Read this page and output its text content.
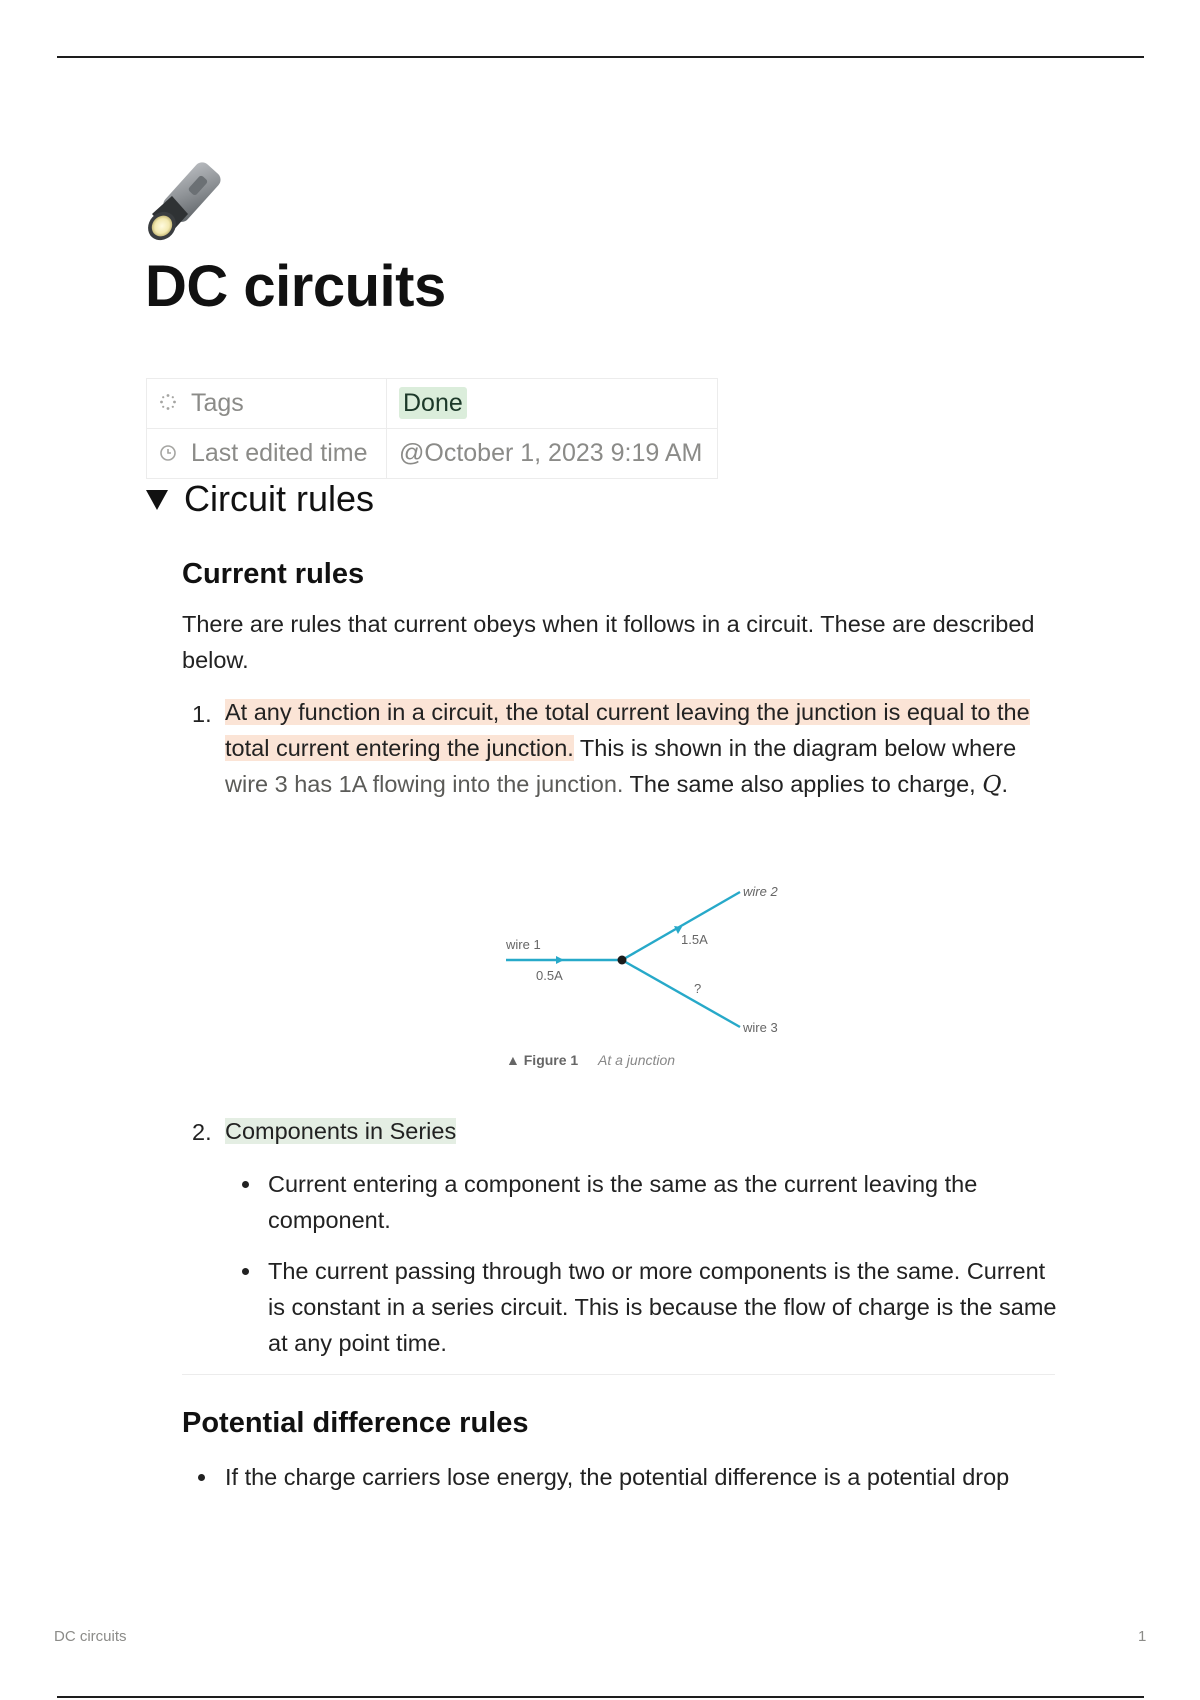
DC circuits
Tags	Done
Last edited time	@October 1, 2023 9:19 AM
Circuit rules
Current rules

There are rules that current obeys when it follows in a circuit. These are described below.

1. At any function in a circuit, the total current leaving the junction is equal to the total current entering the junction. This is shown in the diagram below where wire 3 has 1A flowing into the junction. The same also applies to charge, Q.

wire 1
0.5A
wire 2
1.5A
?
wire 3
▲ Figure 1 At a junction
2. Components in Series

Current entering a component is the same as the current leaving the component.

The current passing through two or more components is the same. Current is constant in a series circuit. This is because the flow of charge is the same at any point time.

Potential difference rules

If the charge carriers lose energy, the potential difference is a potential drop

DC circuits	1
